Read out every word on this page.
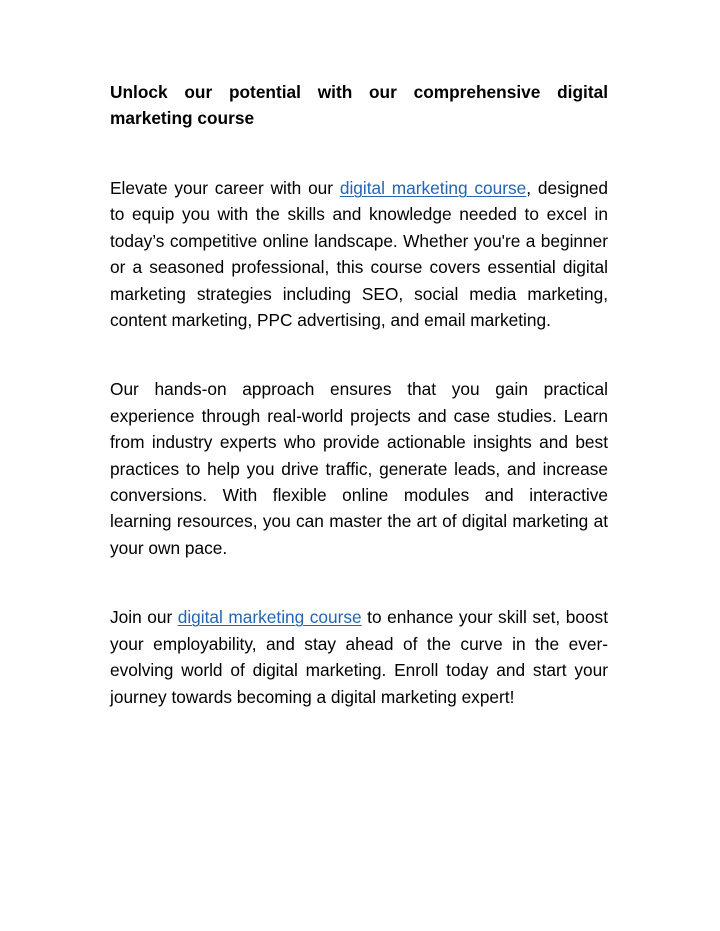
Unlock our potential with our comprehensive digital marketing course

Elevate your career with our digital marketing course, designed to equip you with the skills and knowledge needed to excel in today’s competitive online landscape. Whether you're a beginner or a seasoned professional, this course covers essential digital marketing strategies including SEO, social media marketing, content marketing, PPC advertising, and email marketing.

Our hands-on approach ensures that you gain practical experience through real-world projects and case studies. Learn from industry experts who provide actionable insights and best practices to help you drive traffic, generate leads, and increase conversions. With flexible online modules and interactive learning resources, you can master the art of digital marketing at your own pace.

Join our digital marketing course to enhance your skill set, boost your employability, and stay ahead of the curve in the ever-evolving world of digital marketing. Enroll today and start your journey towards becoming a digital marketing expert!
